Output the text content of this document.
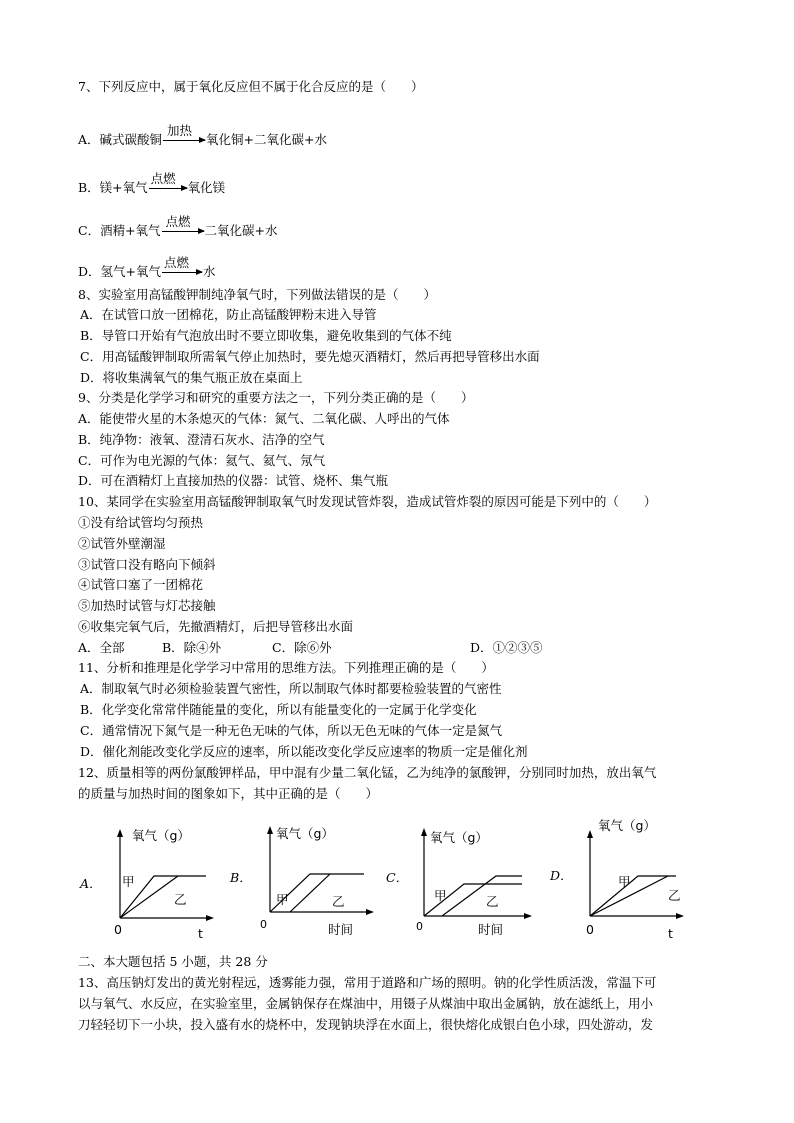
7、下列反应中，属于氧化反应但不属于化合反应的是（　　）
A．碱式碳酸铜
加热
氧化铜+二氧化碳+水
B．镁+氧气
点燃
氧化镁
C．酒精+氧气
点燃
二氧化碳+水
D．氢气+氧气
点燃
水
8、实验室用高锰酸钾制纯净氧气时，下列做法错误的是（　　）
A．在试管口放一团棉花，防止高锰酸钾粉末进入导管
B．导管口开始有气泡放出时不要立即收集，避免收集到的气体不纯
C．用高锰酸钾制取所需氧气停止加热时，要先熄灭酒精灯，然后再把导管移出水面
D．将收集满氧气的集气瓶正放在桌面上
9、分类是化学学习和研究的重要方法之一，下列分类正确的是（　　）
A．能使带火星的木条熄灭的气体：氮气、二氧化碳、人呼出的气体
B．纯净物：液氧、澄清石灰水、洁净的空气
C．可作为电光源的气体：氦气、氦气、氖气
D．可在酒精灯上直接加热的仪器：试管、烧杯、集气瓶
10、某同学在实验室用高锰酸钾制取氧气时发现试管炸裂，造成试管炸裂的原因可能是下列中的（　　）
①没有给试管均匀预热
②试管外壁潮湿
③试管口没有略向下倾斜
④试管口塞了一团棉花
⑤加热时试管与灯芯接触
⑥收集完氧气后，先撤酒精灯，后把导管移出水面
A．全部	B．除④外	C．除⑥外	D．①②③⑤
11、分析和推理是化学学习中常用的思维方法。下列推理正确的是（　　）
A．制取氧气时必须检验装置气密性，所以制取气体时都要检验装置的气密性
B．化学变化常常伴随能量的变化，所以有能量变化的一定属于化学变化
C．通常情况下氮气是一种无色无味的气体，所以无色无味的气体一定是氮气
D．催化剂能改变化学反应的速率，所以能改变化学反应速率的物质一定是催化剂
12、质量相等的两份氯酸钾样品，甲中混有少量二氧化锰，乙为纯净的氯酸钾，分别同时加热，放出氧气
的质量与加热时间的图象如下，其中正确的是（　　）
A．
氧气（g）
甲
乙
0	t
B．
氧气（g）
甲	乙
0	时间
C．
氧气（g）
甲	乙
0	时间
D．
氧气（g）
甲
乙
0	t
二、本大题包括 5 小题，共 28 分
13、高压钠灯发出的黄光射程远，透雾能力强，常用于道路和广场的照明。钠的化学性质活泼，常温下可
以与氧气、水反应，在实验室里，金属钠保存在煤油中，用镊子从煤油中取出金属钠，放在滤纸上，用小
刀轻轻切下一小块，投入盛有水的烧杯中，发现钠块浮在水面上，很快熔化成银白色小球，四处游动，发
